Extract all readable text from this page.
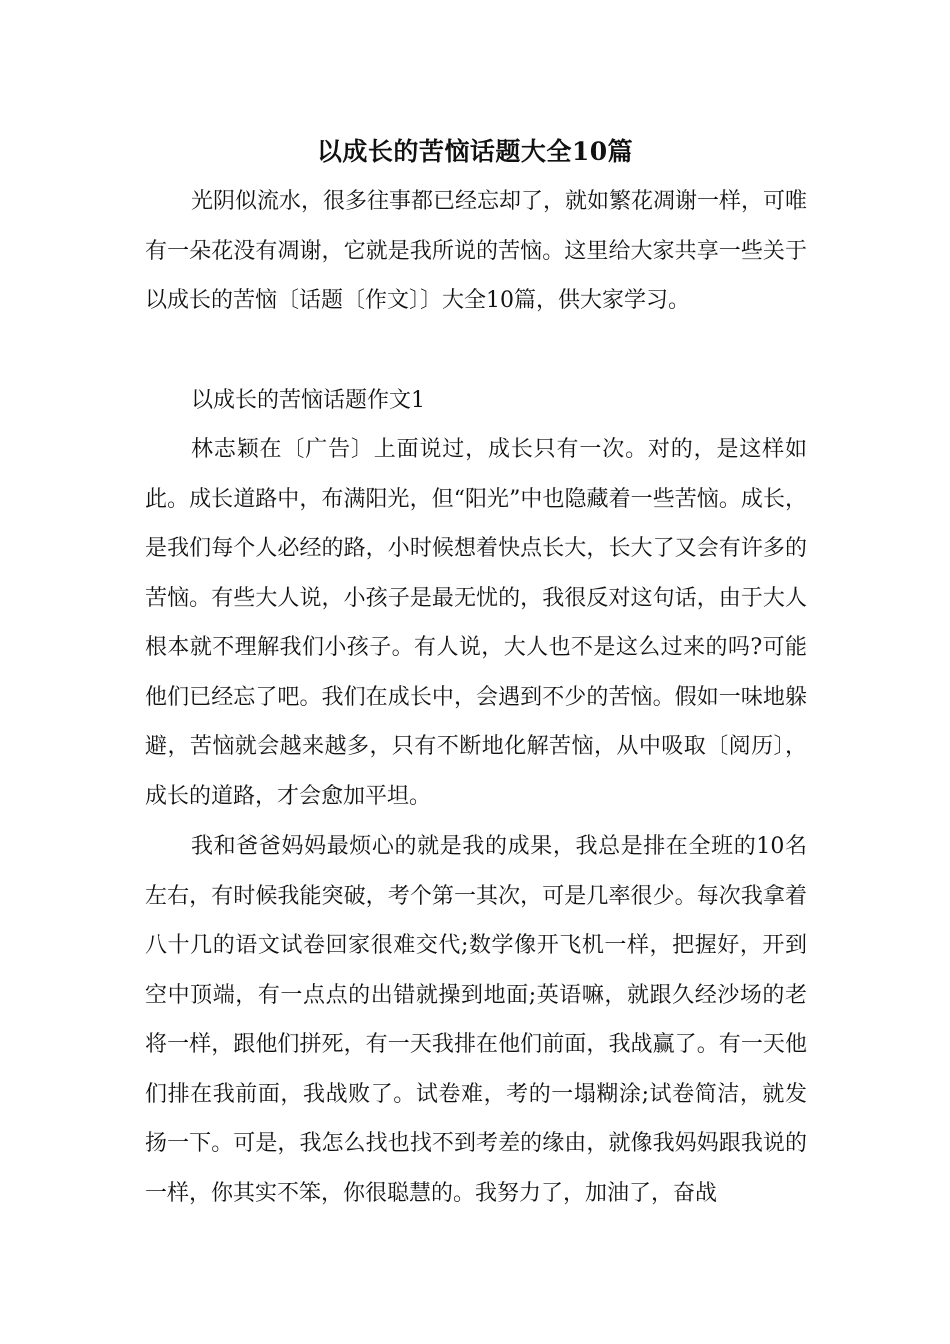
以成长的苦恼话题大全10篇

光阴似流水，很多往事都已经忘却了，就如繁花凋谢一样，可唯有一朵花没有凋谢，它就是我所说的苦恼。这里给大家共享一些关于以成长的苦恼〔话题〔作文〕〕大全10篇，供大家学习。

以成长的苦恼话题作文1

林志颖在〔广告〕上面说过，成长只有一次。对的，是这样如此。成长道路中，布满阳光，但“阳光”中也隐藏着一些苦恼。成长，是我们每个人必经的路，小时候想着快点长大，长大了又会有许多的苦恼。有些大人说，小孩子是最无忧的，我很反对这句话，由于大人根本就不理解我们小孩子。有人说，大人也不是这么过来的吗?可能他们已经忘了吧。我们在成长中，会遇到不少的苦恼。假如一味地躲避，苦恼就会越来越多，只有不断地化解苦恼，从中吸取〔阅历〕，成长的道路，才会愈加平坦。

我和爸爸妈妈最烦心的就是我的成果，我总是排在全班的10名左右，有时候我能突破，考个第一其次，可是几率很少。每次我拿着八十几的语文试卷回家很难交代;数学像开飞机一样，把握好，开到空中顶端，有一点点的出错就操到地面;英语嘛，就跟久经沙场的老将一样，跟他们拼死，有一天我排在他们前面，我战赢了。有一天他们排在我前面，我战败了。试卷难，考的一塌糊涂;试卷简洁，就发扬一下。可是，我怎么找也找不到考差的缘由，就像我妈妈跟我说的一样，你其实不笨，你很聪慧的。我努力了，加油了，奋战
